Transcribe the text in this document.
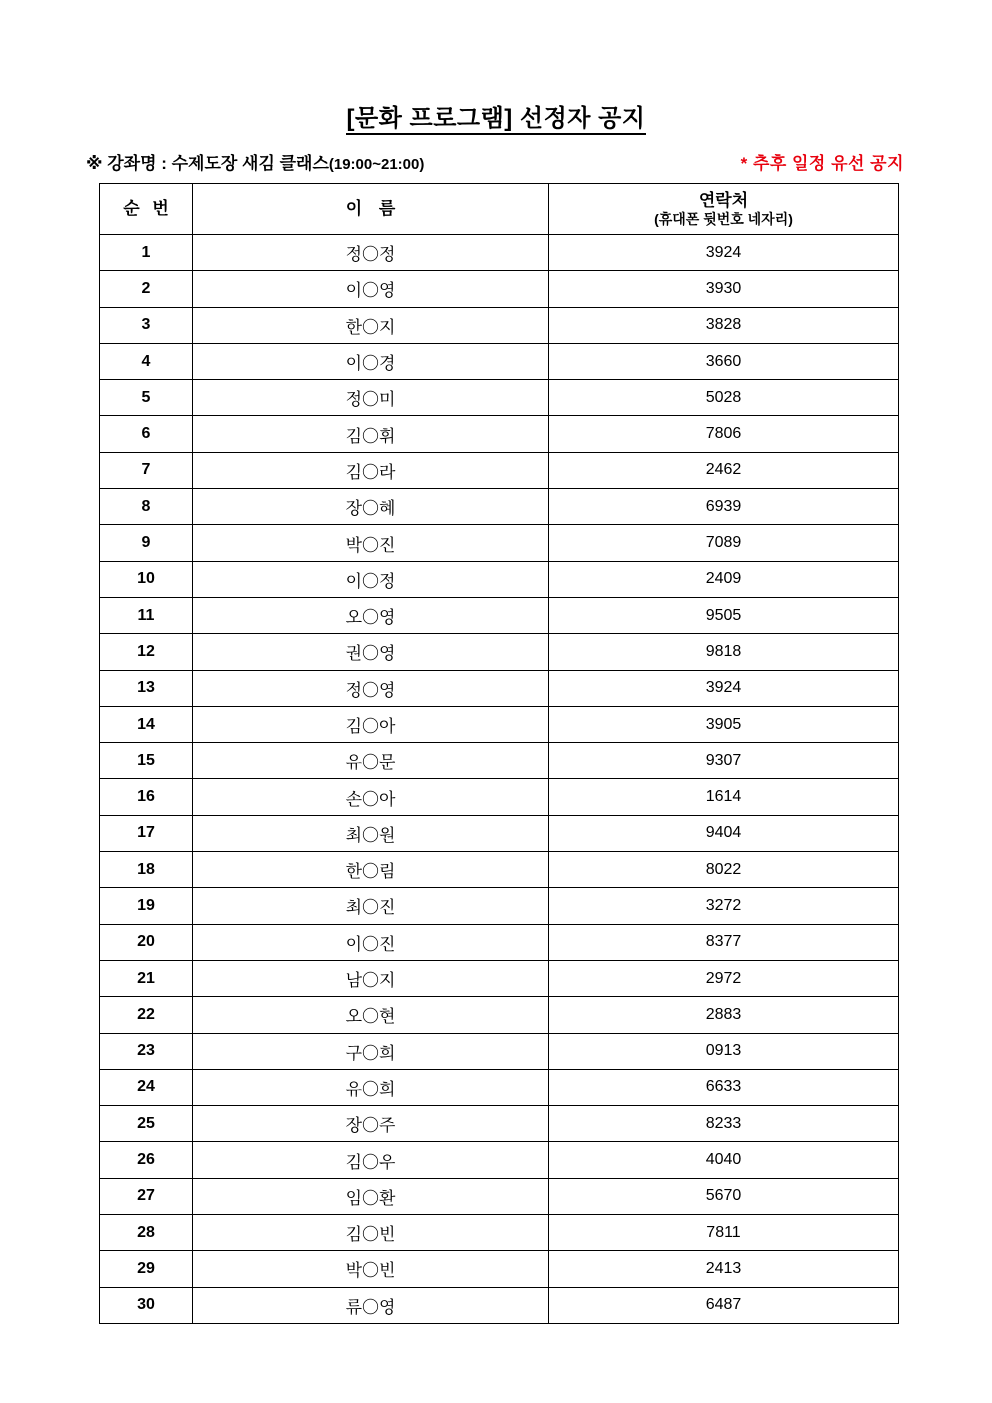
[문화 프로그램] 선정자 공지
※ 강좌명 : 수제도장 새김 클래스(19:00~21:00)	* 추후 일정 유선 공지
순 번	이 름	연락처
(휴대폰 뒷번호 네자리)

1	정〇정	3924
2	이〇영	3930
3	한〇지	3828
4	이〇경	3660
5	정〇미	5028
6	김〇휘	7806
7	김〇라	2462
8	장〇혜	6939
9	박〇진	7089
10	이〇정	2409
11	오〇영	9505
12	권〇영	9818
13	정〇영	3924
14	김〇아	3905
15	유〇문	9307
16	손〇아	1614
17	최〇원	9404
18	한〇림	8022
19	최〇진	3272
20	이〇진	8377
21	남〇지	2972
22	오〇현	2883
23	구〇희	0913
24	유〇희	6633
25	장〇주	8233
26	김〇우	4040
27	임〇환	5670
28	김〇빈	7811
29	박〇빈	2413
30	류〇영	6487
